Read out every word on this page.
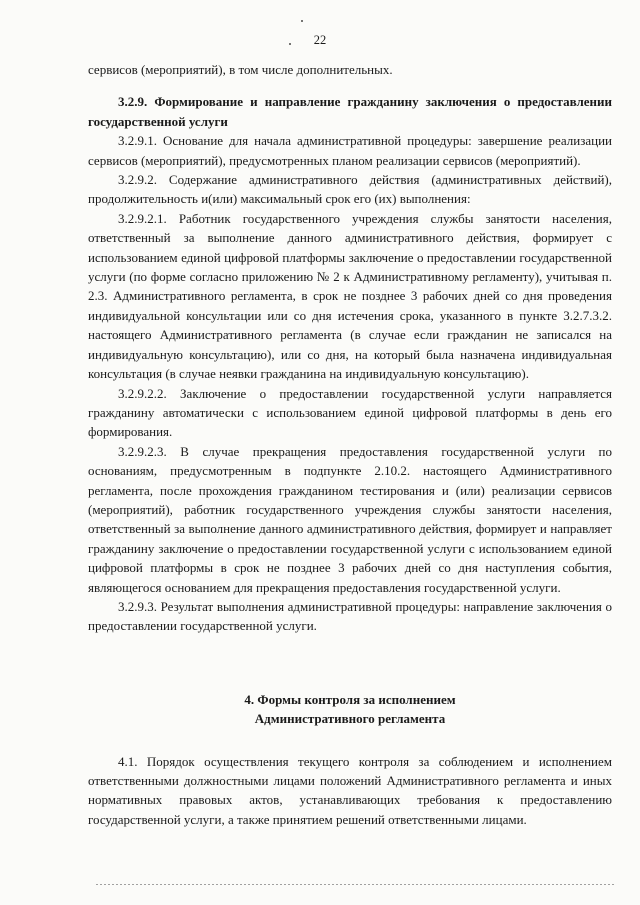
22

сервисов (мероприятий), в том числе дополнительных.

3.2.9. Формирование и направление гражданину заключения о предоставлении государственной услуги

3.2.9.1. Основание для начала административной процедуры: завершение реализации сервисов (мероприятий), предусмотренных планом реализации сервисов (мероприятий).

3.2.9.2. Содержание административного действия (административных действий), продолжительность и(или) максимальный срок его (их) выполнения:

3.2.9.2.1. Работник государственного учреждения службы занятости населения, ответственный за выполнение данного административного действия, формирует с использованием единой цифровой платформы заключение о предоставлении государственной услуги (по форме согласно приложению № 2 к Административному регламенту), учитывая п. 2.3. Административного регламента, в срок не позднее 3 рабочих дней со дня проведения индивидуальной консультации или со дня истечения срока, указанного в пункте 3.2.7.3.2. настоящего Административного регламента (в случае если гражданин не записался на индивидуальную консультацию), или со дня, на который была назначена индивидуальная консультация (в случае неявки гражданина на индивидуальную консультацию).

3.2.9.2.2. Заключение о предоставлении государственной услуги направляется гражданину автоматически с использованием единой цифровой платформы в день его формирования.

3.2.9.2.3. В случае прекращения предоставления государственной услуги по основаниям, предусмотренным в подпункте 2.10.2. настоящего Административного регламента, после прохождения гражданином тестирования и (или) реализации сервисов (мероприятий), работник государственного учреждения службы занятости населения, ответственный за выполнение данного административного действия, формирует и направляет гражданину заключение о предоставлении государственной услуги с использованием единой цифровой платформы в срок не позднее 3 рабочих дней со дня наступления события, являющегося основанием для прекращения предоставления государственной услуги.

3.2.9.3. Результат выполнения административной процедуры: направление заключения о предоставлении государственной услуги.

4. Формы контроля за исполнением
Административного регламента

4.1. Порядок осуществления текущего контроля за соблюдением и исполнением ответственными должностными лицами положений Административного регламента и иных нормативных правовых актов, устанавливающих требования к предоставлению государственной услуги, а также принятием решений ответственными лицами.
